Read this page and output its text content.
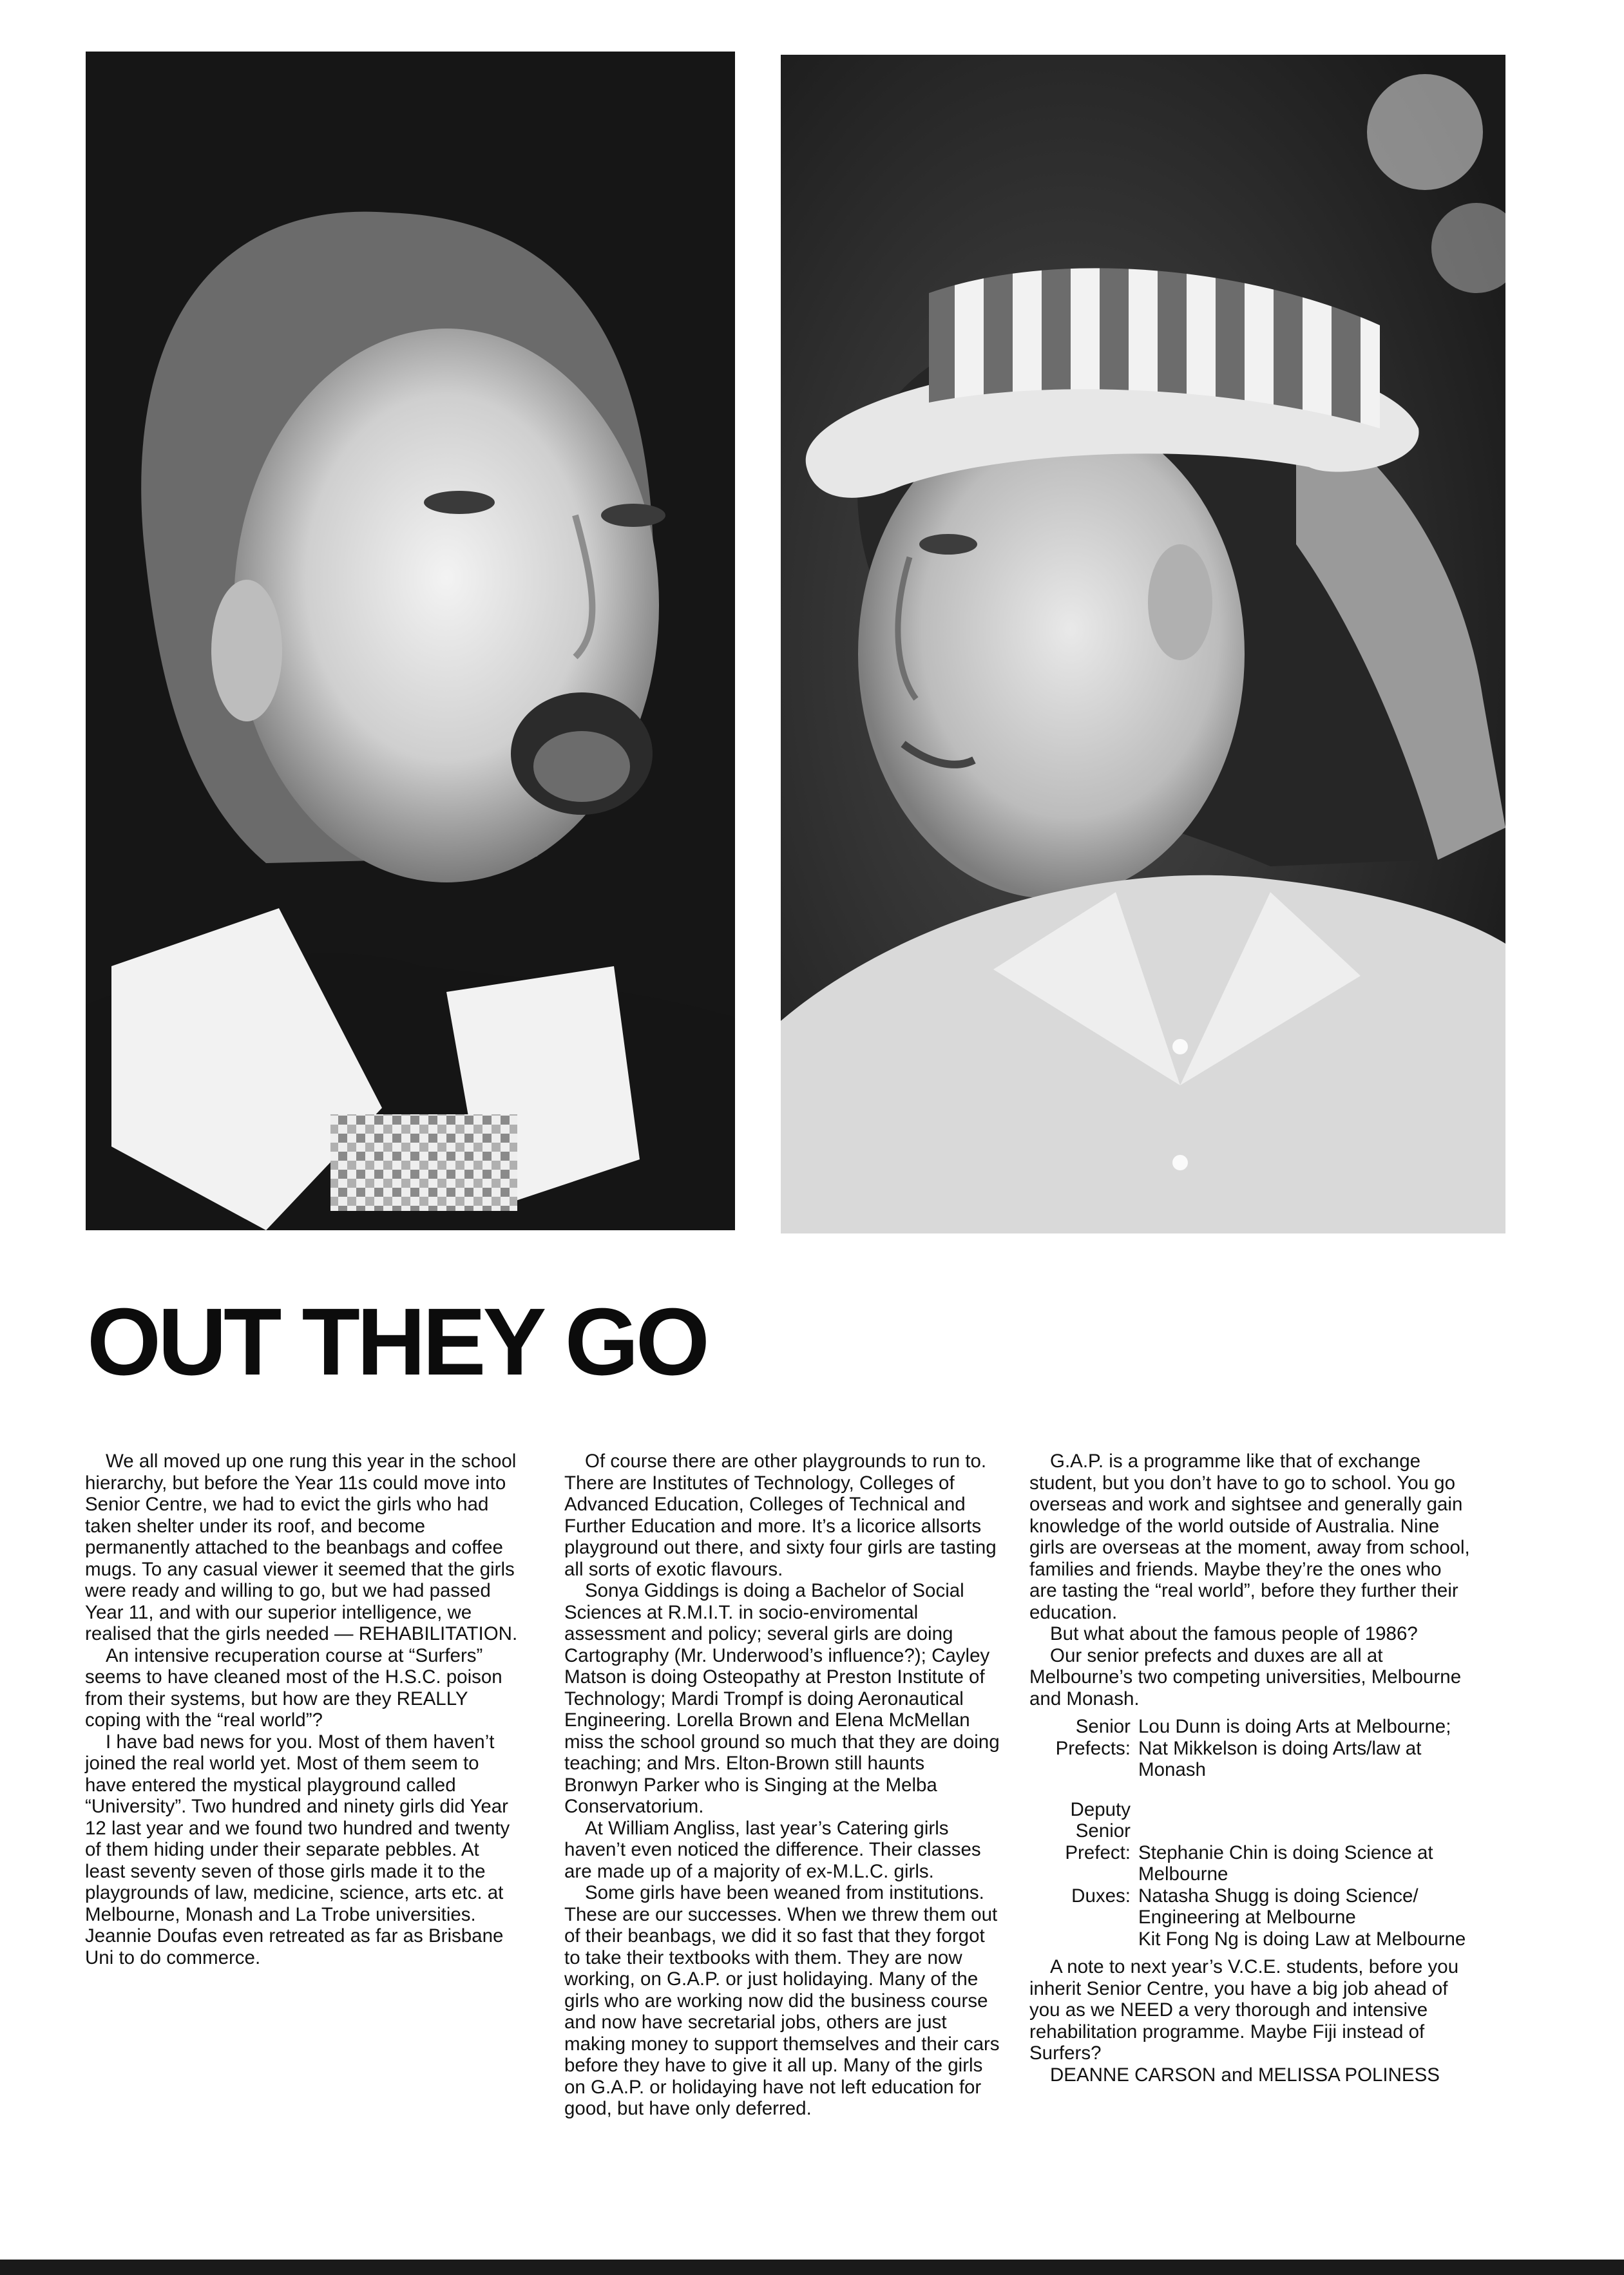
OUT THEY GO

We all moved up one rung this year in the school hierarchy, but before the Year 11s could move into Senior Centre, we had to evict the girls who had taken shelter under its roof, and become permanently attached to the beanbags and coffee mugs. To any casual viewer it seemed that the girls were ready and willing to go, but we had passed Year 11, and with our superior intelligence, we realised that the girls needed — REHABILITATION.

An intensive recuperation course at “Surfers” seems to have cleaned most of the H.S.C. poison from their systems, but how are they REALLY coping with the “real world”?

I have bad news for you. Most of them haven’t joined the real world yet. Most of them seem to have entered the mystical playground called “University”. Two hundred and ninety girls did Year 12 last year and we found two hundred and twenty of them hiding under their separate pebbles. At least seventy seven of those girls made it to the playgrounds of law, medicine, science, arts etc. at Melbourne, Monash and La Trobe universities. Jeannie Doufas even retreated as far as Brisbane Uni to do commerce.

Of course there are other playgrounds to run to. There are Institutes of Technology, Colleges of Advanced Education, Colleges of Technical and Further Education and more. It’s a licorice allsorts playground out there, and sixty four girls are tasting all sorts of exotic flavours.

Sonya Giddings is doing a Bachelor of Social Sciences at R.M.I.T. in socio-enviromental assessment and policy; several girls are doing Cartography (Mr. Underwood’s influence?); Cayley Matson is doing Osteopathy at Preston Institute of Technology; Mardi Trompf is doing Aeronautical Engineering. Lorella Brown and Elena McMellan miss the school ground so much that they are doing teaching; and Mrs. Elton-Brown still haunts Bronwyn Parker who is Singing at the Melba Conservatorium.

At William Angliss, last year’s Catering girls haven’t even noticed the difference. Their classes are made up of a majority of ex-M.L.C. girls.

Some girls have been weaned from institutions. These are our successes. When we threw them out of their beanbags, we did it so fast that they forgot to take their textbooks with them. They are now working, on G.A.P. or just holidaying. Many of the girls who are working now did the business course and now have secretarial jobs, others are just making money to support themselves and their cars before they have to give it all up. Many of the girls on G.A.P. or holidaying have not left education for good, but have only deferred.

G.A.P. is a programme like that of exchange student, but you don’t have to go to school. You go overseas and work and sightsee and generally gain knowledge of the world outside of Australia. Nine girls are overseas at the moment, away from school, families and friends. Maybe they’re the ones who are tasting the “real world”, before they further their education.

But what about the famous people of 1986?

Our senior prefects and duxes are all at Melbourne’s two competing universities, Melbourne and Monash.

Senior Prefects:
Lou Dunn is doing Arts at Melbourne; Nat Mikkelson is doing Arts/law at Monash
Deputy Senior Prefect: Stephanie Chin is doing Science at Melbourne
Duxes: Natasha Shugg is doing Science/ Engineering at Melbourne
Kit Fong Ng is doing Law at Melbourne

A note to next year’s V.C.E. students, before you inherit Senior Centre, you have a big job ahead of you as we NEED a very thorough and intensive rehabilitation programme. Maybe Fiji instead of Surfers?

DEANNE CARSON and MELISSA POLINESS
